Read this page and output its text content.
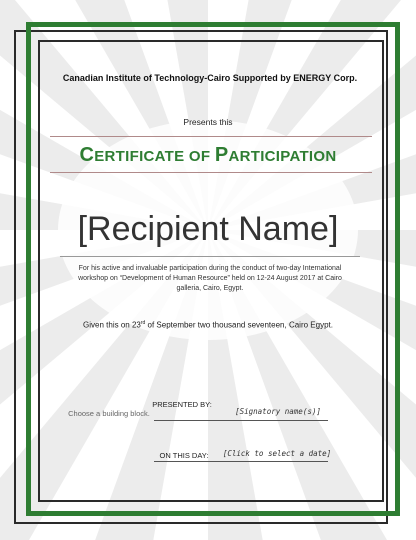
Canadian Institute of Technology-Cairo Supported by ENERGY Corp.
Presents this
CERTIFICATE OF PARTICIPATION
[Recipient Name]
For his active and invaluable participation during the conduct of two-day International workshop on “Development of Human Resource” held on 12-24 August 2017 at Cairo galleria, Cairo, Egypt.
Given this on 23rd of September two thousand seventeen, Cairo Egypt.
Choose a building block.
PRESENTED BY:
[Signatory name(s)]
ON THIS DAY:	[Click to select a date]
